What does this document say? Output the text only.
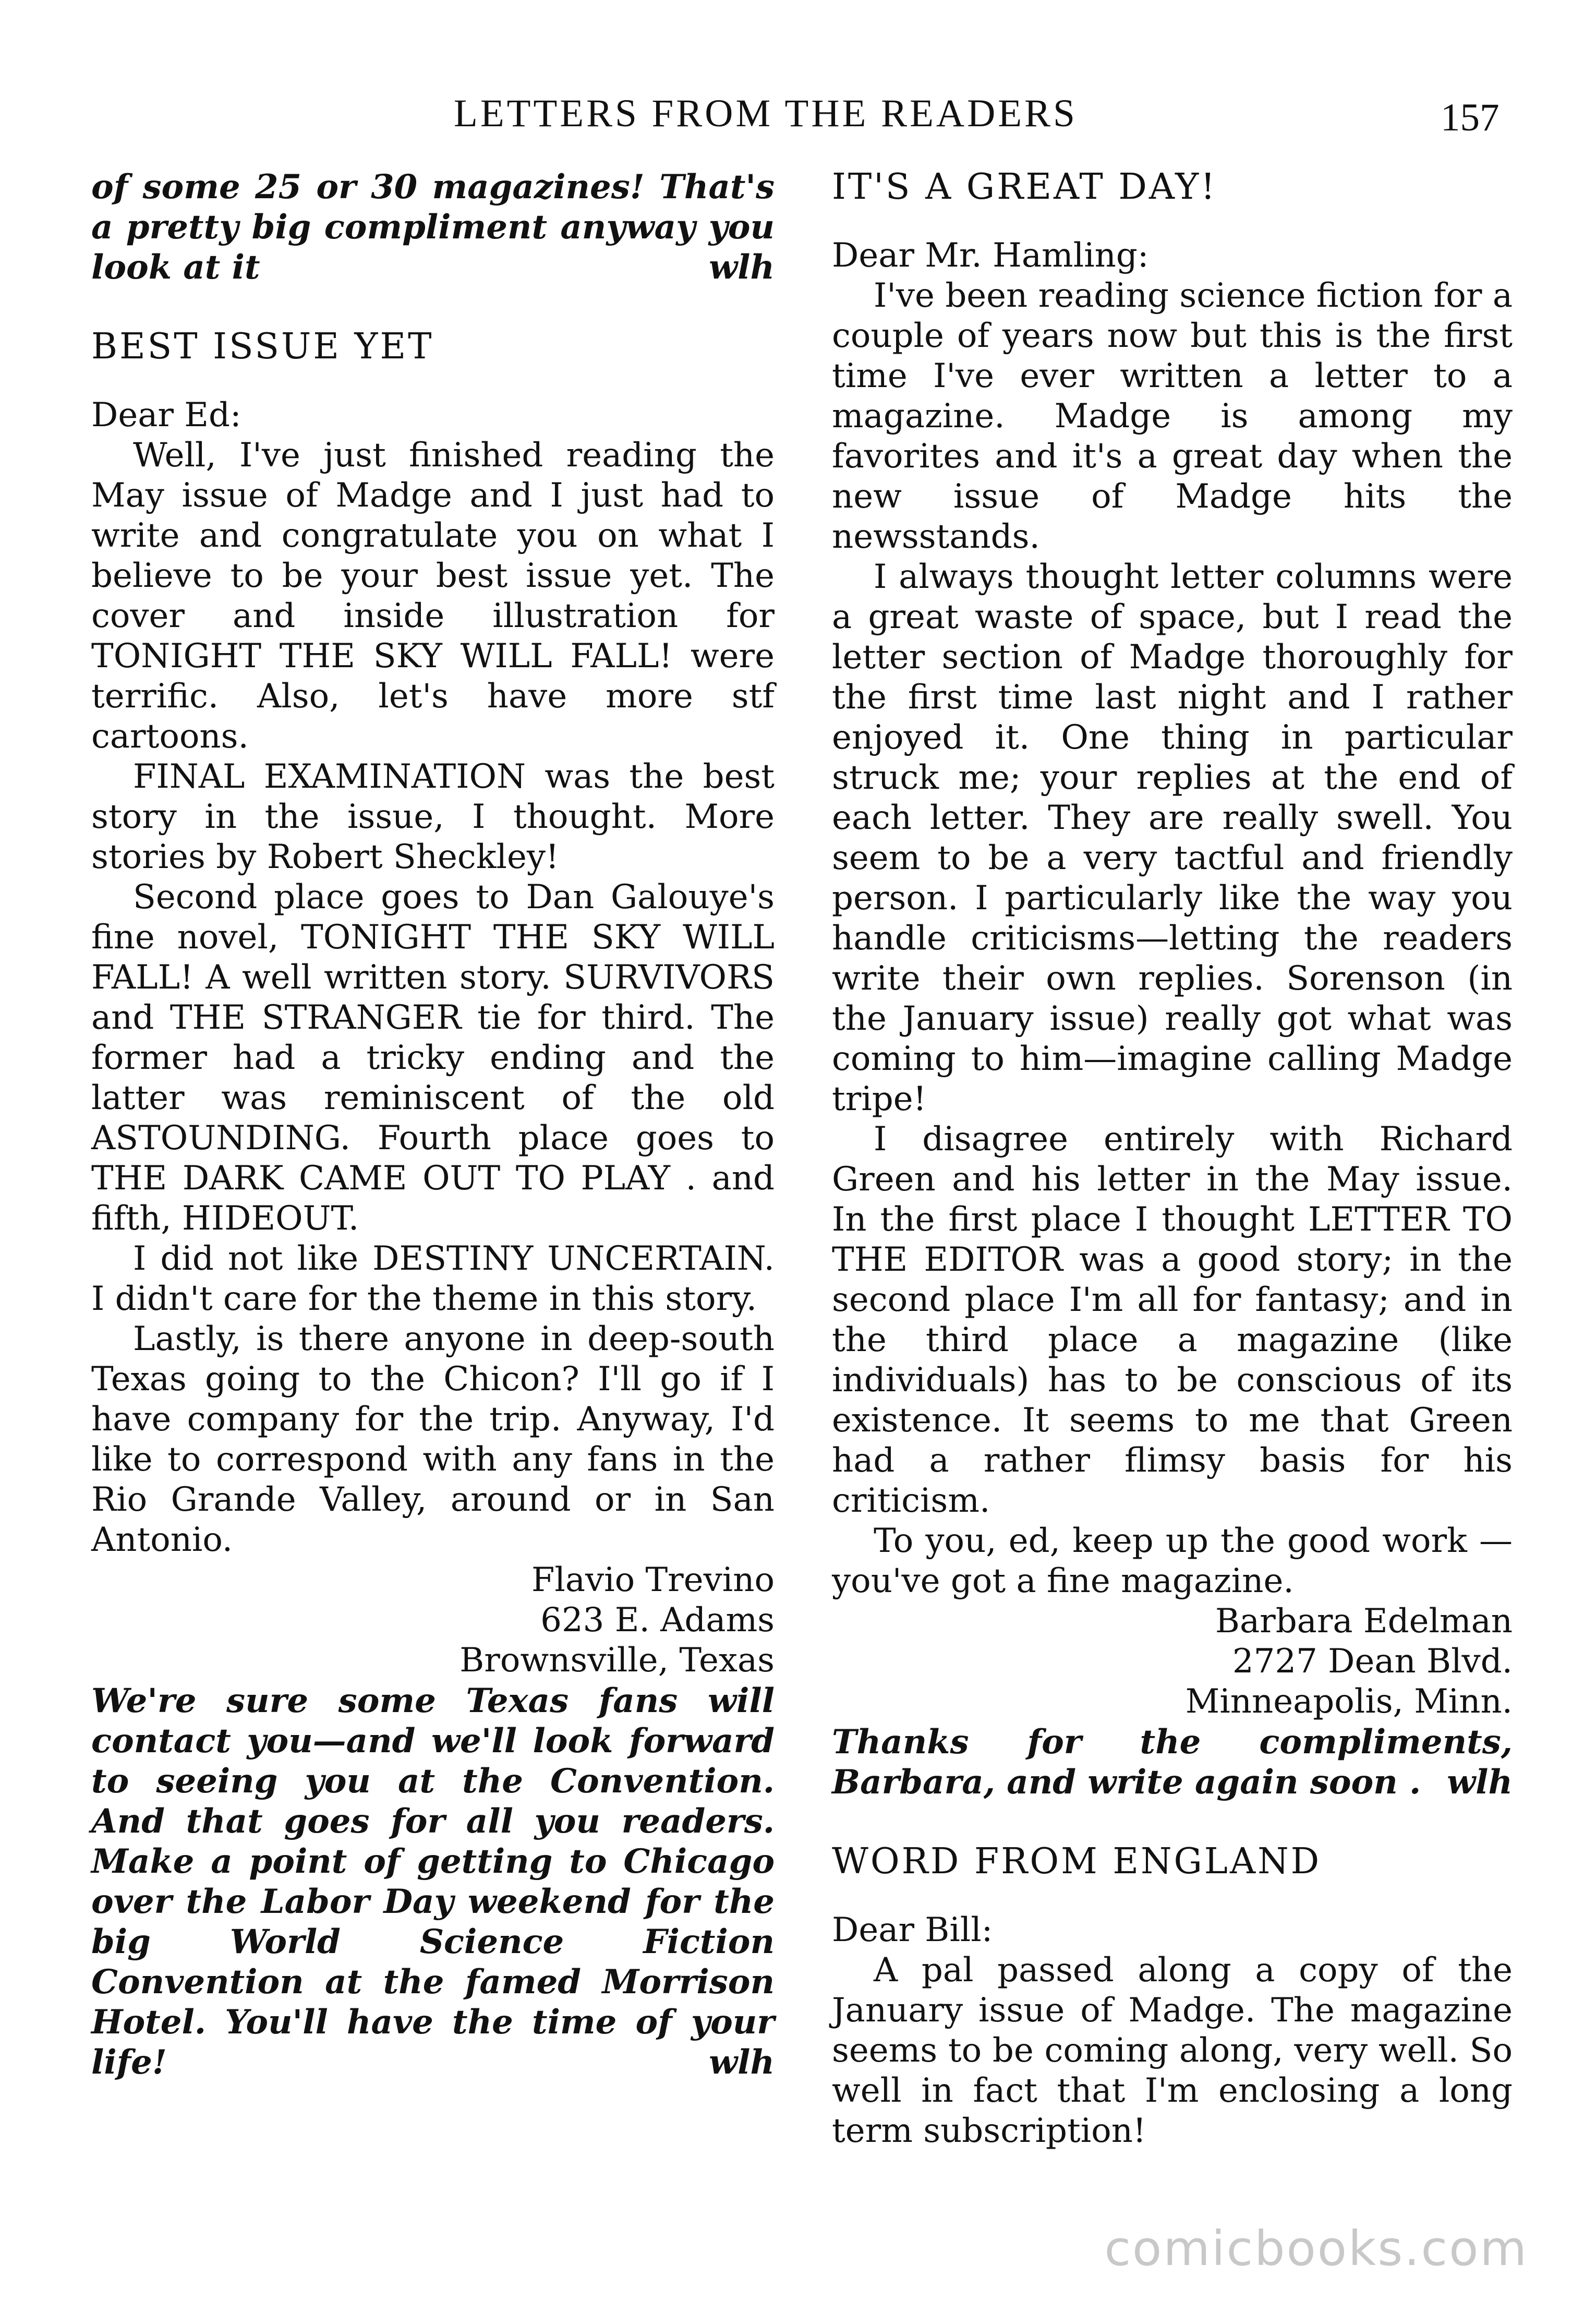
LETTERS FROM THE READERS	157

of some 25 or 30 magazines! That's a pretty big compliment anyway you look at it	wlh

BEST ISSUE YET

Dear Ed:

Well, I've just finished reading the May issue of Madge and I just had to write and congratulate you on what I believe to be your best issue yet. The cover and inside illustration for TONIGHT THE SKY WILL FALL! were terrific. Also, let's have more stf cartoons.

FINAL EXAMINATION was the best story in the issue, I thought. More stories by Robert Sheckley!

Second place goes to Dan Galouye's fine novel, TONIGHT THE SKY WILL FALL! A well written story. SURVIVORS and THE STRANGER tie for third. The former had a tricky ending and the latter was reminiscent of the old ASTOUNDING. Fourth place goes to THE DARK CAME OUT TO PLAY . and fifth, HIDEOUT.

I did not like DESTINY UNCERTAIN. I didn't care for the theme in this story.

Lastly, is there anyone in deep-south Texas going to the Chicon? I'll go if I have company for the trip. Anyway, I'd like to correspond with any fans in the Rio Grande Valley, around or in San Antonio.

Flavio Trevino

623 E. Adams

Brownsville, Texas

We're sure some Texas fans will contact you—and we'll look forward to seeing you at the Convention. And that goes for all you readers. Make a point of getting to Chicago over the Labor Day weekend for the big World Science Fiction Convention at the famed Morrison Hotel. You'll have the time of your life!	wlh

IT'S A GREAT DAY!

Dear Mr. Hamling:

I've been reading science fiction for a couple of years now but this is the first time I've ever written a letter to a magazine. Madge is among my favorites and it's a great day when the new issue of Madge hits the newsstands.

I always thought letter columns were a great waste of space, but I read the letter section of Madge thoroughly for the first time last night and I rather enjoyed it. One thing in particular struck me; your replies at the end of each letter. They are really swell. You seem to be a very tactful and friendly person. I particularly like the way you handle criticisms—letting the readers write their own replies. Sorenson (in the January issue) really got what was coming to him—imagine calling Madge tripe!

I disagree entirely with Richard Green and his letter in the May issue. In the first place I thought LETTER TO THE EDITOR was a good story; in the second place I'm all for fantasy; and in the third place a magazine (like individuals) has to be conscious of its existence. It seems to me that Green had a rather flimsy basis for his criticism.

To you, ed, keep up the good work —you've got a fine magazine.

Barbara Edelman

2727 Dean Blvd.

Minneapolis, Minn.

Thanks for the compliments, Barbara, and write again soon . wlh

WORD FROM ENGLAND

Dear Bill:

A pal passed along a copy of the January issue of Madge. The magazine seems to be coming along, very well. So well in fact that I'm enclosing a long term subscription!

comicbooks.com
